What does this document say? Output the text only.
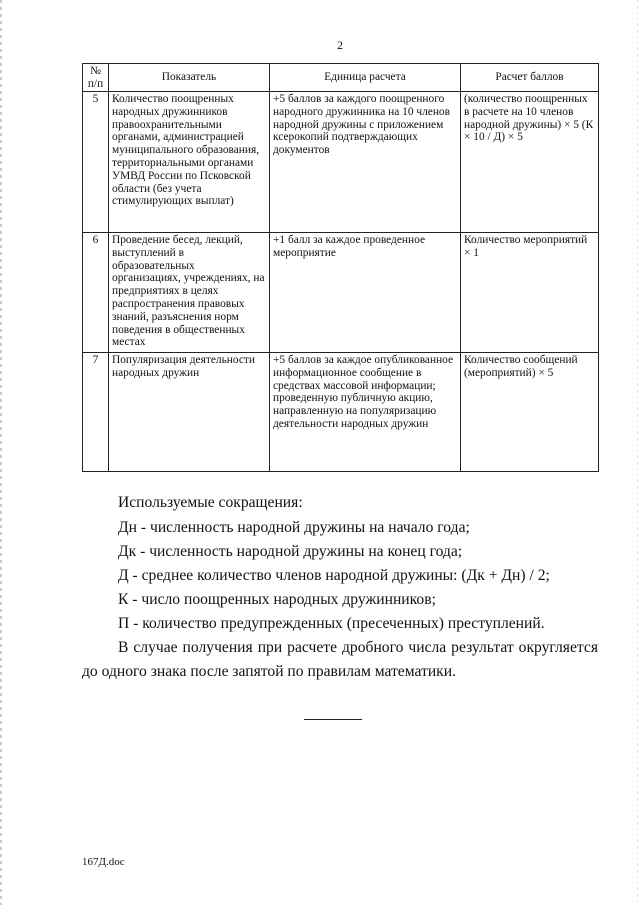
2
№ п/п	Показатель	Единица расчета	Расчет баллов
5	Количество поощренных народных дружинников правоохранительными органами, администрацией муниципального образования, территориальными органами УМВД России по Псковской области (без учета стимулирующих выплат)	+5 баллов за каждого поощренного народного дружинника на 10 членов народной дружины с приложением ксерокопий подтверждающих документов	(количество поощренных в расчете на 10 членов народной дружины) × 5 (К × 10 / Д) × 5
6	Проведение бесед, лекций, выступлений в образовательных организациях, учреждениях, на предприятиях в целях распространения правовых знаний, разъяснения норм поведения в общественных местах	+1 балл за каждое проведенное мероприятие	Количество мероприятий × 1
7	Популяризация деятельности народных дружин	+5 баллов за каждое опубликованное информационное сообщение в средствах массовой информации; проведенную публичную акцию, направленную на популяризацию деятельности народных дружин	Количество сообщений (мероприятий) × 5
Используемые сокращения:
Дн - численность народной дружины на начало года;
Дк - численность народной дружины на конец года;
Д - среднее количество членов народной дружины: (Дк + Дн) / 2;
К - число поощренных народных дружинников;
П - количество предупрежденных (пресеченных) преступлений.
В случае получения при расчете дробного числа результат округляется до одного знака после запятой по правилам математики.
167Д.doc
